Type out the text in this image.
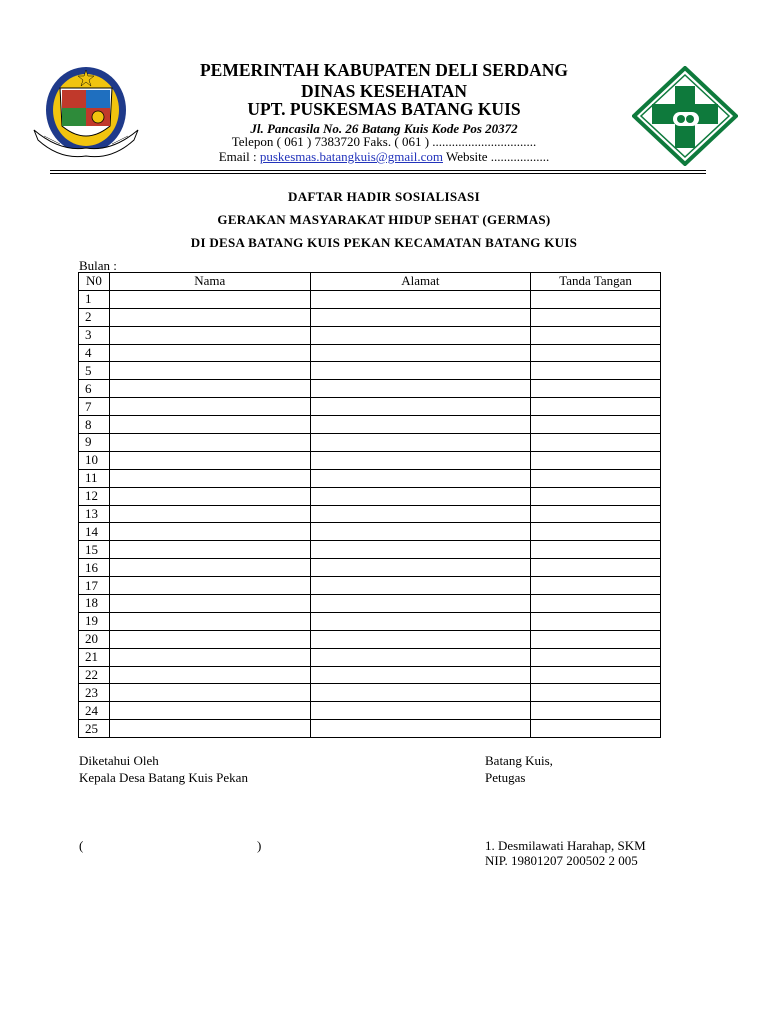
PEMERINTAH KABUPATEN DELI SERDANG
DINAS KESEHATAN
UPT. PUSKESMAS BATANG KUIS
Jl. Pancasila No. 26 Batang Kuis Kode Pos 20372
Telepon ( 061 ) 7383720 Faks. ( 061 ) ................................
Email : puskesmas.batangkuis@gmail.com Website ..................
DAFTAR HADIR SOSIALISASI
GERAKAN MASYARAKAT HIDUP SEHAT (GERMAS)
DI DESA BATANG KUIS PEKAN KECAMATAN BATANG KUIS
Bulan :
N0	Nama	Alamat	Tanda Tangan
1			
2			
3			
4			
5			
6			
7			
8			
9			
10			
11			
12			
13			
14			
15			
16			
17			
18			
19			
20			
21			
22			
23			
24			
25			
Diketahui Oleh
Kepala Desa Batang Kuis Pekan
(	)
Batang Kuis,
Petugas
1. Desmilawati Harahap, SKM
NIP. 19801207 200502 2 005
